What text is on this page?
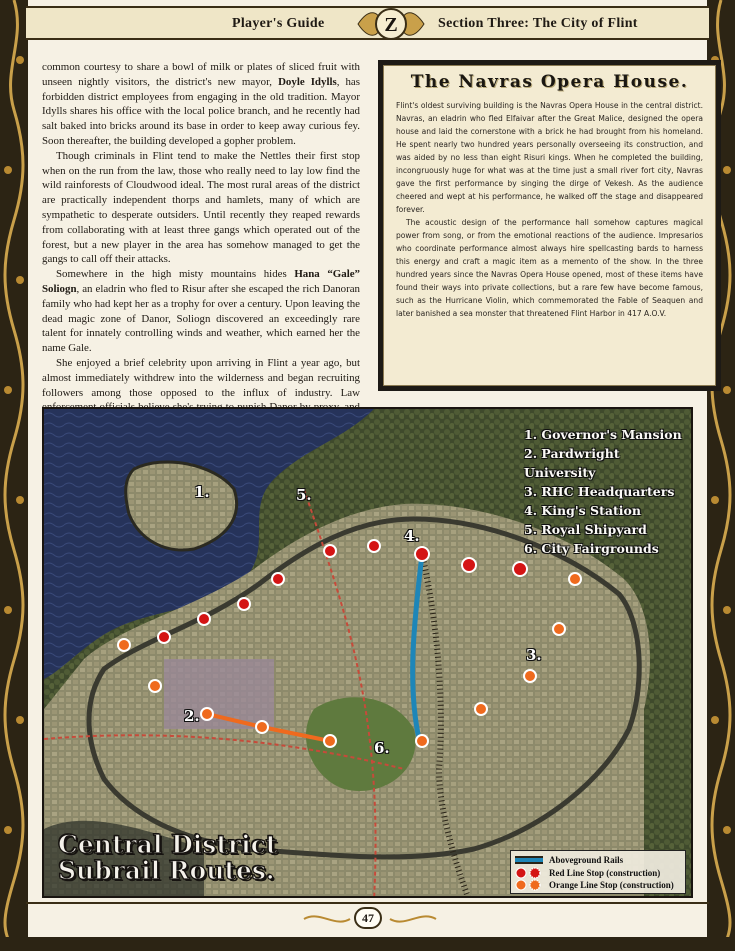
Player's Guide	Z	Section Three: The City of Flint

common courtesy to share a bowl of milk or plates of sliced fruit with unseen nightly visitors, the district's new mayor, Doyle Idylls, has forbidden district employees from engaging in the old tradition. Mayor Idylls shares his office with the local police branch, and he recently had salt baked into bricks around its base in order to keep away curious fey. Soon thereafter, the building developed a gopher problem.

Though criminals in Flint tend to make the Nettles their first stop when on the run from the law, those who really need to lay low find the wild rainforests of Cloudwood ideal. The most rural areas of the district are practically independent thorps and hamlets, many of which are sympathetic to desperate outsiders. Until recently they reaped rewards from collaborating with at least three gangs which operated out of the forest, but a new player in the area has somehow managed to get the gangs to call off their attacks.

Somewhere in the high misty mountains hides Hana “Gale” Soliogn, an eladrin who fled to Risur after she escaped the rich Danoran family who had kept her as a trophy for over a century. Upon leaving the dead magic zone of Danor, Soliogn discovered an exceedingly rare talent for innately controlling winds and weather, which earned her the name Gale.

She enjoyed a brief celebrity upon arriving in Flint a year ago, but almost immediately withdrew into the wilderness and began recruiting followers among those opposed to the influx of industry. Law

The Navras Opera House.

Flint's oldest surviving building is the Navras Opera House in the central district. Navras, an eladrin who fled Elfaivar after the Great Malice, designed the opera house and laid the cornerstone with a brick he had brought from his homeland. He spent nearly two hundred years personally overseeing its construction, and was aided by no less than eight Risuri kings. When he completed the building, incongruously huge for what was at the time just a small river fort city, Navras gave the first performance by singing the dirge of Vekesh. As the audience cheered and wept at his performance, he walked off the stage and disappeared forever.

The acoustic design of the performance hall somehow captures magical power from song, or from the emotional reactions of the audience. Impresarios who coordinate performance almost always hire spellcasting bards to harness this energy and craft a magic item as a memento of the show. In the three hundred years since the Navras Opera House opened, most of these items have found their ways into private collections, but a rare few have become famous, such as the Hurricane Violin, which commemorated the Fable of Seaquen and later banished a sea monster that threatened Flint Harbor in 417 A.O.V.

1.
2.
3.
4.
5.
6.
1. Governor's Mansion
2. Pardwright University
3. RHC Headquarters
4. King's Station
5. Royal Shipyard
6. City Fairgrounds
Central District
Subrail Routes.	Aboveground Rails
Red Line Stop (construction)
Orange Line Stop (construction)
47
